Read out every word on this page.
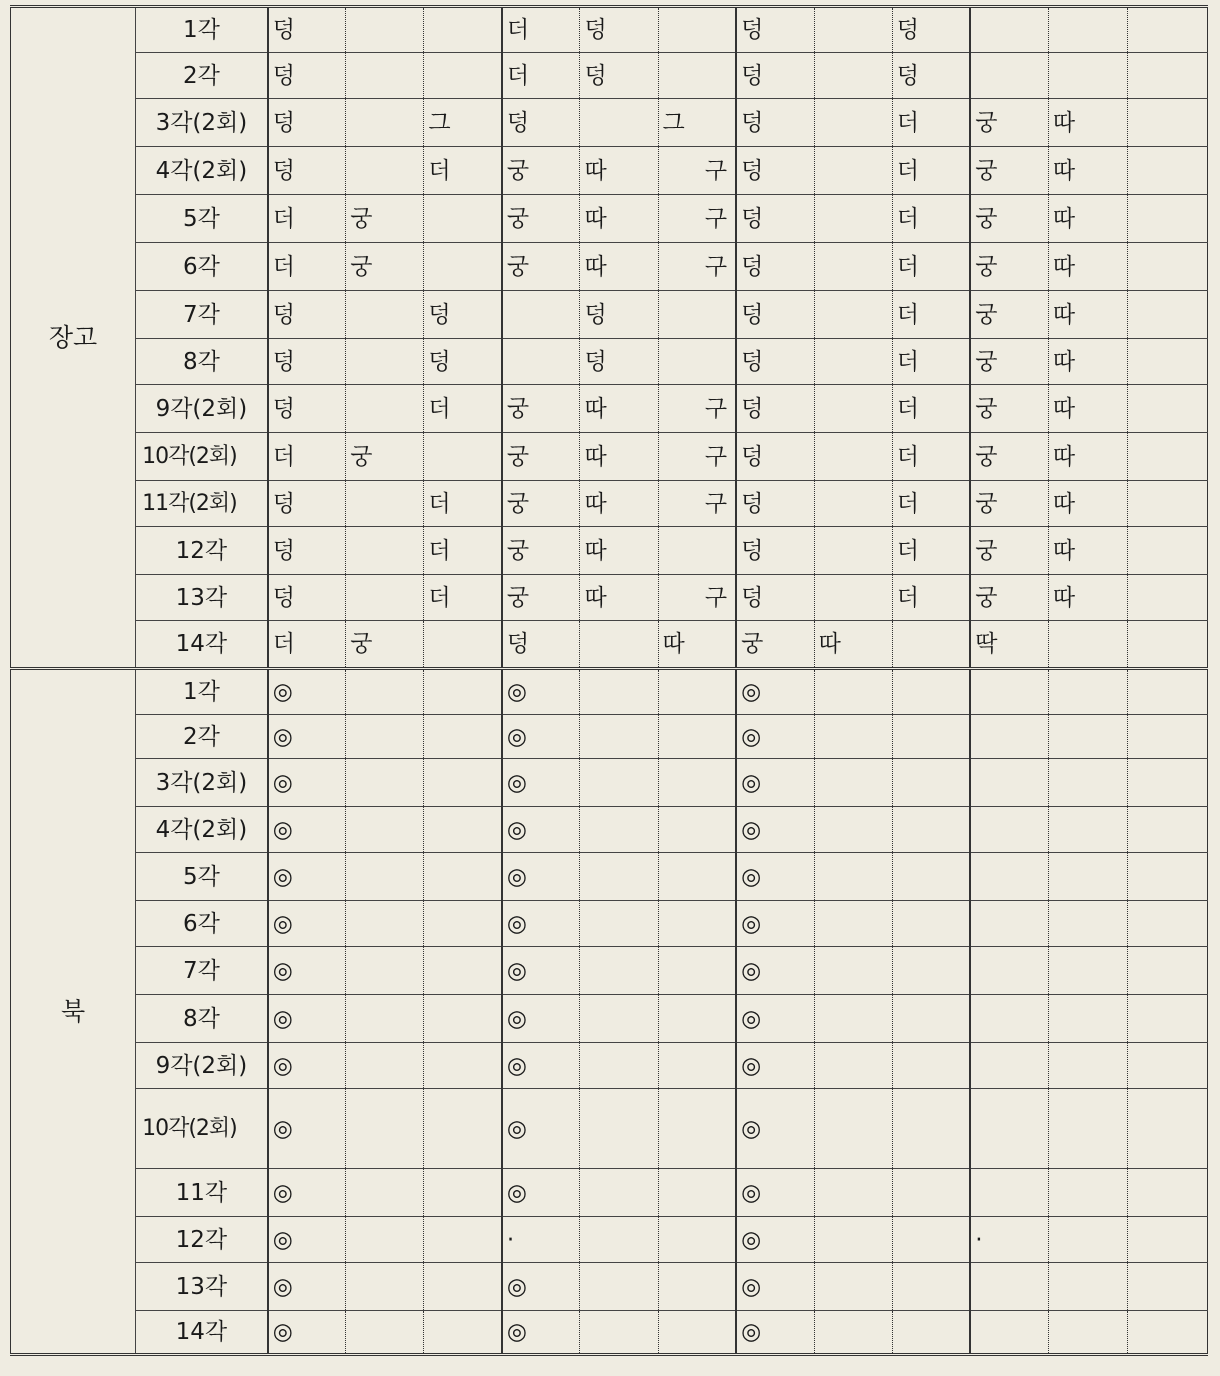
장고	1각	덩			더	덩		덩		덩			
	2각	덩			더	덩		덩		덩			
	3각(2회)	덩		그	덩		그	덩		더	궁	따	
	4각(2회)	덩		더	궁	따	구	덩		더	궁	따	
	5각	더	궁		궁	따	구	덩		더	궁	따	
	6각	더	궁		궁	따	구	덩		더	궁	따	
	7각	덩		덩		덩		덩		더	궁	따	
	8각	덩		덩		덩		덩		더	궁	따	
	9각(2회)	덩		더	궁	따	구	덩		더	궁	따	
	10각(2회)	더	궁		궁	따	구	덩		더	궁	따	
	11각(2회)	덩		더	궁	따	구	덩		더	궁	따	
	12각	덩		더	궁	따		덩		더	궁	따	
	13각	덩		더	궁	따	구	덩		더	궁	따	
	14각	더	궁		덩		따	궁	따		딱		
북	1각	◎			◎			◎					
	2각	◎			◎			◎					
	3각(2회)	◎			◎			◎					
	4각(2회)	◎			◎			◎					
	5각	◎			◎			◎					
	6각	◎			◎			◎					
	7각	◎			◎			◎					
	8각	◎			◎			◎					
	9각(2회)	◎			◎			◎					
	10각(2회)	◎			◎			◎					
	11각	◎			◎			◎					
	12각	◎			·			◎			·		
	13각	◎			◎			◎					
	14각	◎			◎			◎					
